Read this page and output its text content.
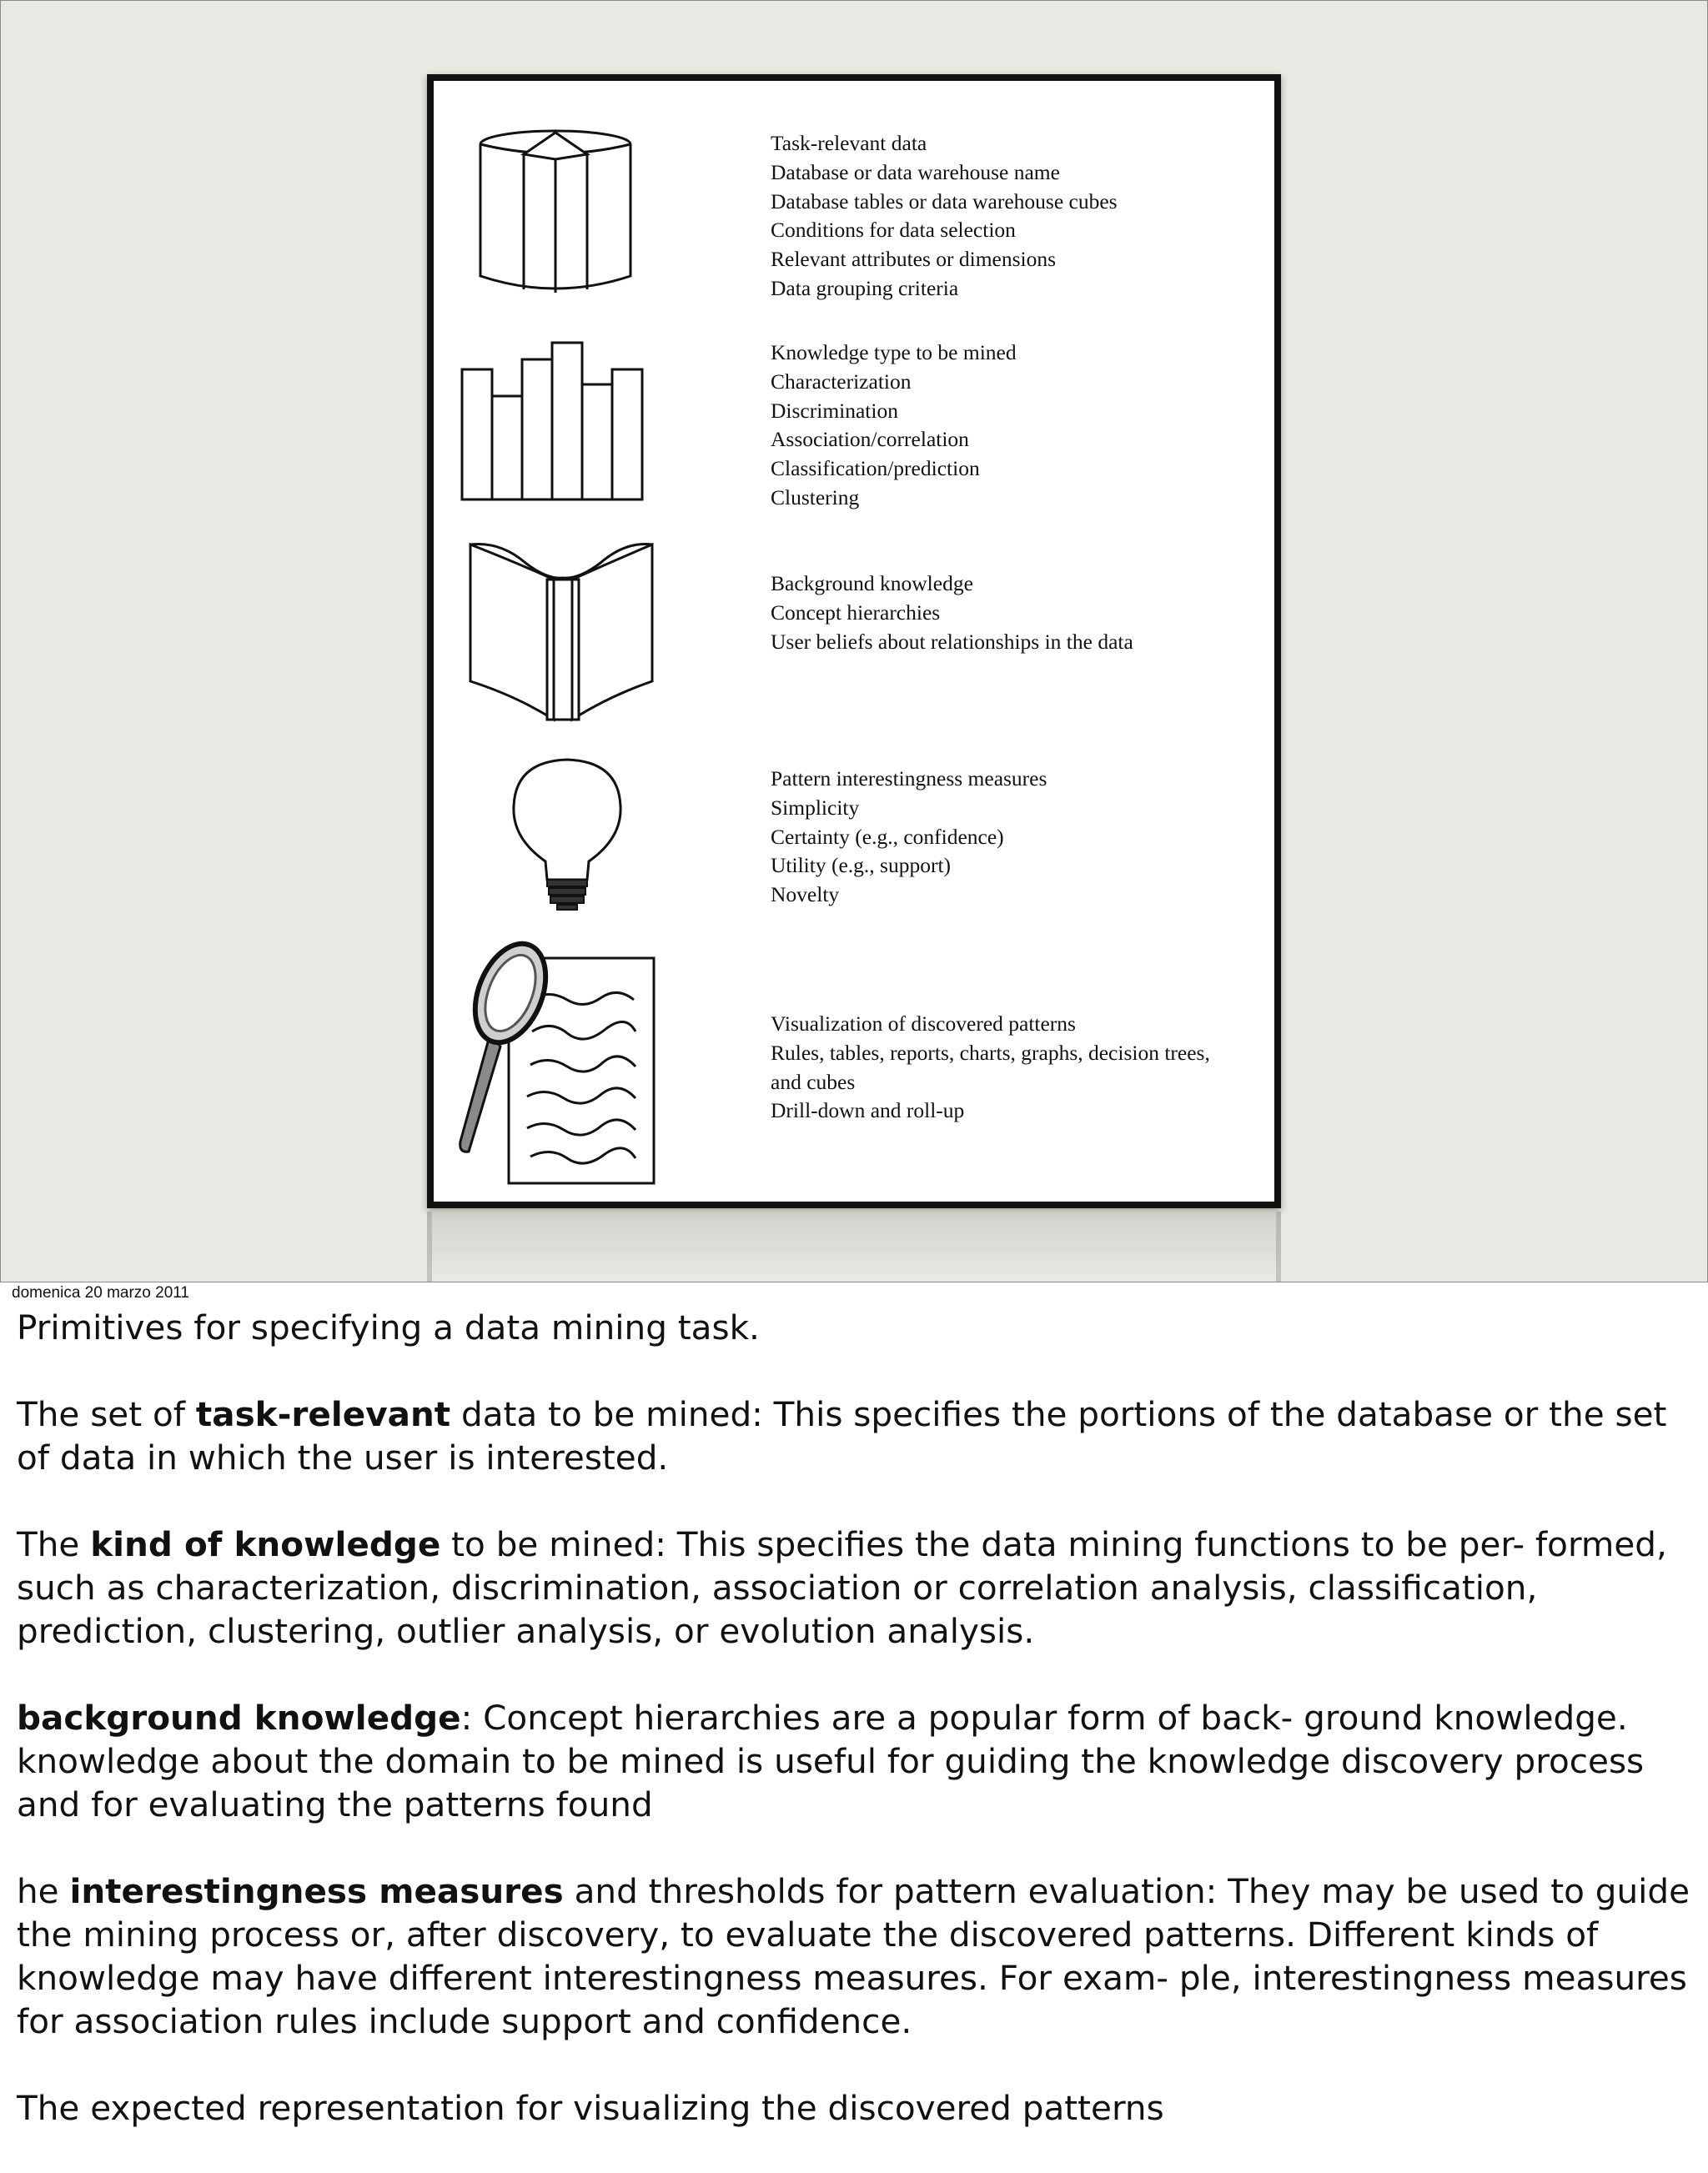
Task-relevant data
Database or data warehouse name
Database tables or data warehouse cubes
Conditions for data selection
Relevant attributes or dimensions
Data grouping criteria
Knowledge type to be mined
Characterization
Discrimination
Association/correlation
Classification/prediction
Clustering
Background knowledge
Concept hierarchies
User beliefs about relationships in the data
Pattern interestingness measures
Simplicity
Certainty (e.g., confidence)
Utility (e.g., support)
Novelty
Visualization of discovered patterns
Rules, tables, reports, charts, graphs, decision trees,
and cubes
Drill-down and roll-up
domenica 20 marzo 2011

Primitives for specifying a data mining task.

The set of task-relevant data to be mined: This specifies the portions of the database or the set of data in which the user is interested.

The kind of knowledge to be mined: This specifies the data mining functions to be per- formed, such as characterization, discrimination, association or correlation analysis, classification, prediction, clustering, outlier analysis, or evolution analysis.

background knowledge: Concept hierarchies are a popular form of back- ground knowledge. knowledge about the domain to be mined is useful for guiding the knowledge discovery process and for evaluating the patterns found

he interestingness measures and thresholds for pattern evaluation: They may be used to guide the mining process or, after discovery, to evaluate the discovered patterns. Different kinds of knowledge may have different interestingness measures. For exam- ple, interestingness measures for association rules include support and confidence.

The expected representation for visualizing the discovered patterns
